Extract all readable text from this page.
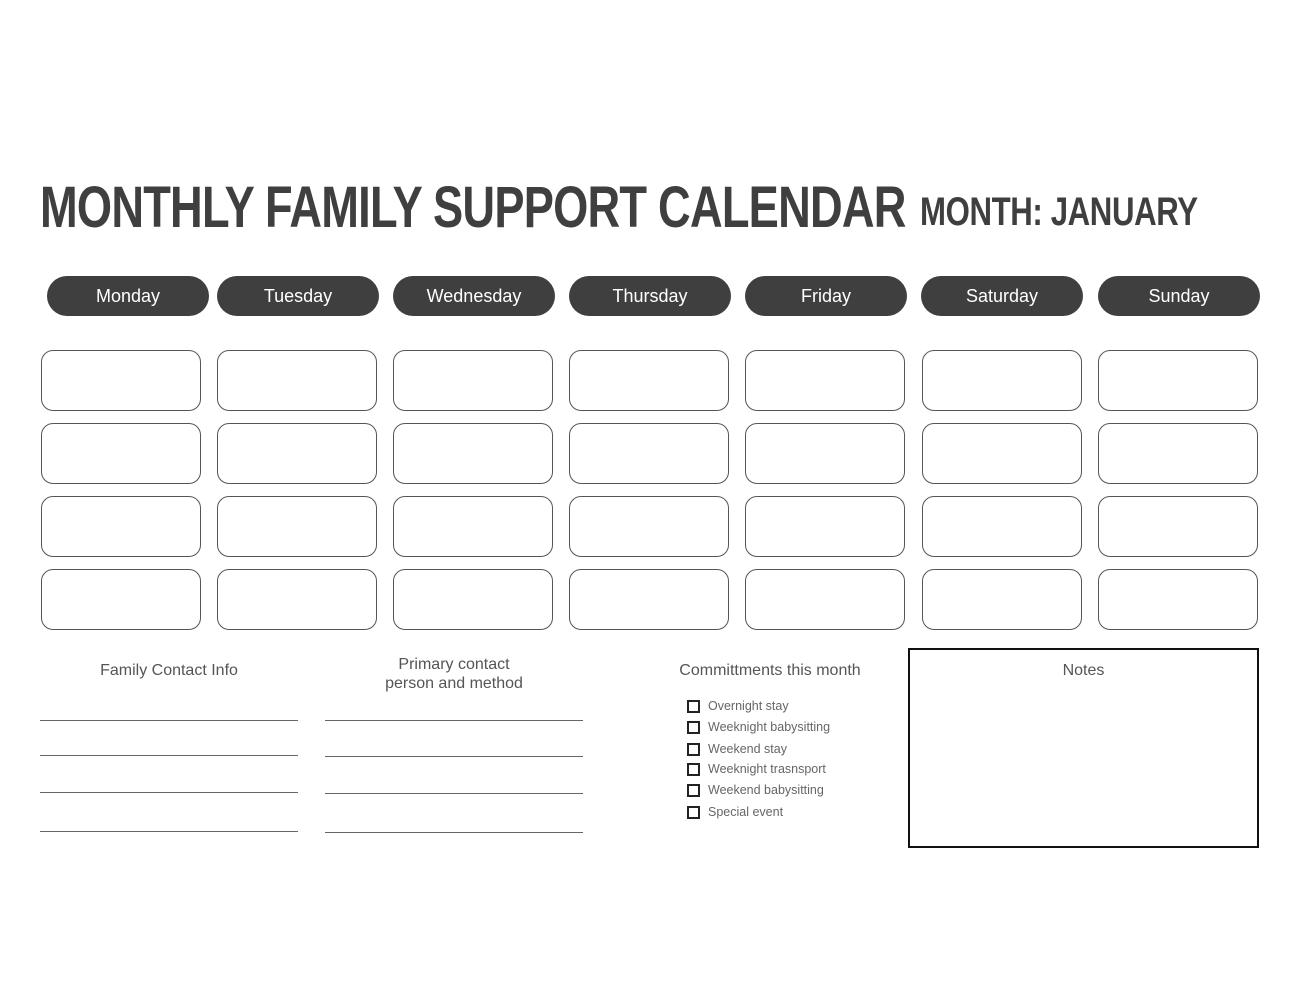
MONTHLY FAMILY SUPPORT CALENDAR MONTH: JANUARY
Monday	Tuesday	Wednesday	Thursday	Friday	Saturday	Sunday
Family Contact Info	Primary contact
person and method
Committments this month
Overnight stay
Weeknight babysitting
Weekend stay
Weeknight trasnsport
Weekend babysitting
Special event
Notes
